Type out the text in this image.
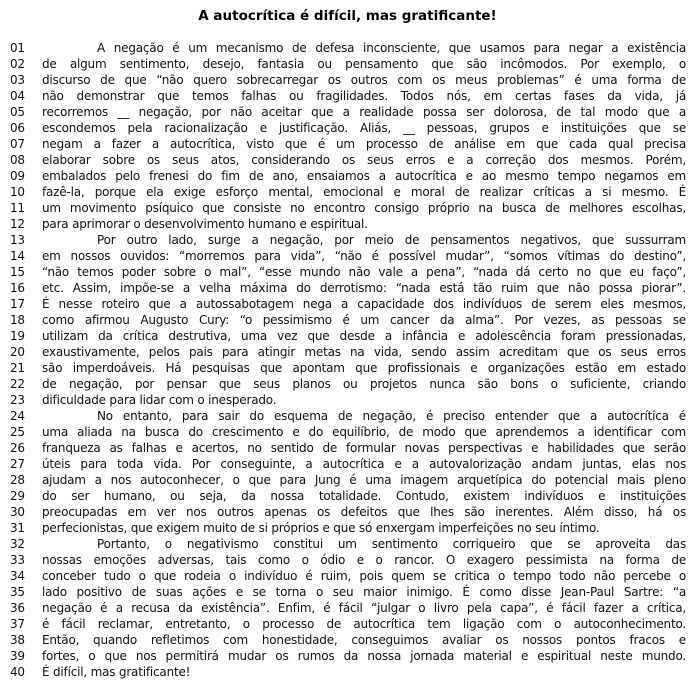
A autocrítica é difícil, mas gratificante!
01	A negação é um mecanismo de defesa inconsciente, que usamos para negar a existência
02	de algum sentimento, desejo, fantasia ou pensamento que são incômodos. Por exemplo, o
03	discurso de que “não quero sobrecarregar os outros com os meus problemas” é uma forma de
04	não demonstrar que temos falhas ou fragilidades. Todos nós, em certas fases da vida, já
05	recorremos __ negação, por não aceitar que a realidade possa ser dolorosa, de tal modo que a
06	escondemos pela racionalização e justificação. Aliás, __ pessoas, grupos e instituições que se
07	negam a fazer a autocrítica, visto que é um processo de análise em que cada qual precisa
08	elaborar sobre os seus atos, considerando os seus erros e a correção dos mesmos. Porém,
09	embalados pelo frenesi do fim de ano, ensaiamos a autocrítica e ao mesmo tempo negamos em
10	fazê-la, porque ela exige esforço mental, emocional e moral de realizar críticas a si mesmo. É
11	um movimento psíquico que consiste no encontro consigo próprio na busca de melhores escolhas,
12	para aprimorar o desenvolvimento humano e espiritual.
13	Por outro lado, surge a negação, por meio de pensamentos negativos, que sussurram
14	em nossos ouvidos: “morremos para vida”, “não é possível mudar”, “somos vítimas do destino”,
15	“não temos poder sobre o mal”, “esse mundo não vale a pena”, “nada dá certo no que eu faço”,
16	etc. Assim, impõe-se a velha máxima do derrotismo: “nada está tão ruim que não possa piorar”.
17	É nesse roteiro que a autossabotagem nega a capacidade dos indivíduos de serem eles mesmos,
18	como afirmou Augusto Cury: “o pessimismo é um cancer da alma”. Por vezes, as pessoas se
19	utilizam da crítica destrutiva, uma vez que desde a infância e adolescência foram pressionadas,
20	exaustivamente, pelos pais para atingir metas na vida, sendo assim acreditam que os seus erros
21	são imperdoáveis. Há pesquisas que apontam que profissionais e organizações estão em estado
22	de negação, por pensar que seus planos ou projetos nunca são bons o suficiente, criando
23	dificuldade para lidar com o inesperado.
24	No entanto, para sair do esquema de negação, é preciso entender que a autocrítica é
25	uma aliada na busca do crescimento e do equilíbrio, de modo que aprendemos a identificar com
26	franqueza as falhas e acertos, no sentido de formular novas perspectivas e habilidades que serão
27	úteis para toda vida. Por conseguinte, a autocrítica e a autovalorização andam juntas, elas nos
28	ajudam a nos autoconhecer, o que para Jung é uma imagem arquetípica do potencial mais pleno
29	do ser humano, ou seja, da nossa totalidade. Contudo, existem indivíduos e instituições
30	preocupadas em ver nos outros apenas os defeitos que lhes são inerentes. Além disso, há os
31	perfecionistas, que exigem muito de si próprios e que só enxergam imperfeições no seu íntimo.
32	Portanto, o negativismo constitui um sentimento corriqueiro que se aproveita das
33	nossas emoções adversas, tais como o ódio e o rancor. O exagero pessimista na forma de
34	conceber tudo o que rodeia o indivíduo é ruim, pois quem se critica o tempo todo não percebe o
35	lado positivo de suas ações e se torna o seu maior inimigo. É como disse Jean-Paul Sartre: “a
36	negação é a recusa da existência”. Enfim, é fácil “julgar o livro pela capa”, é fácil fazer a crítica,
37	é fácil reclamar, entretanto, o processo de autocrítica tem ligação com o autoconhecimento.
38	Então, quando refletimos com honestidade, conseguimos avaliar os nossos pontos fracos e
39	fortes, o que nos permitirá mudar os rumos da nossa jornada material e espiritual neste mundo.
40	É difícil, mas gratificante!
